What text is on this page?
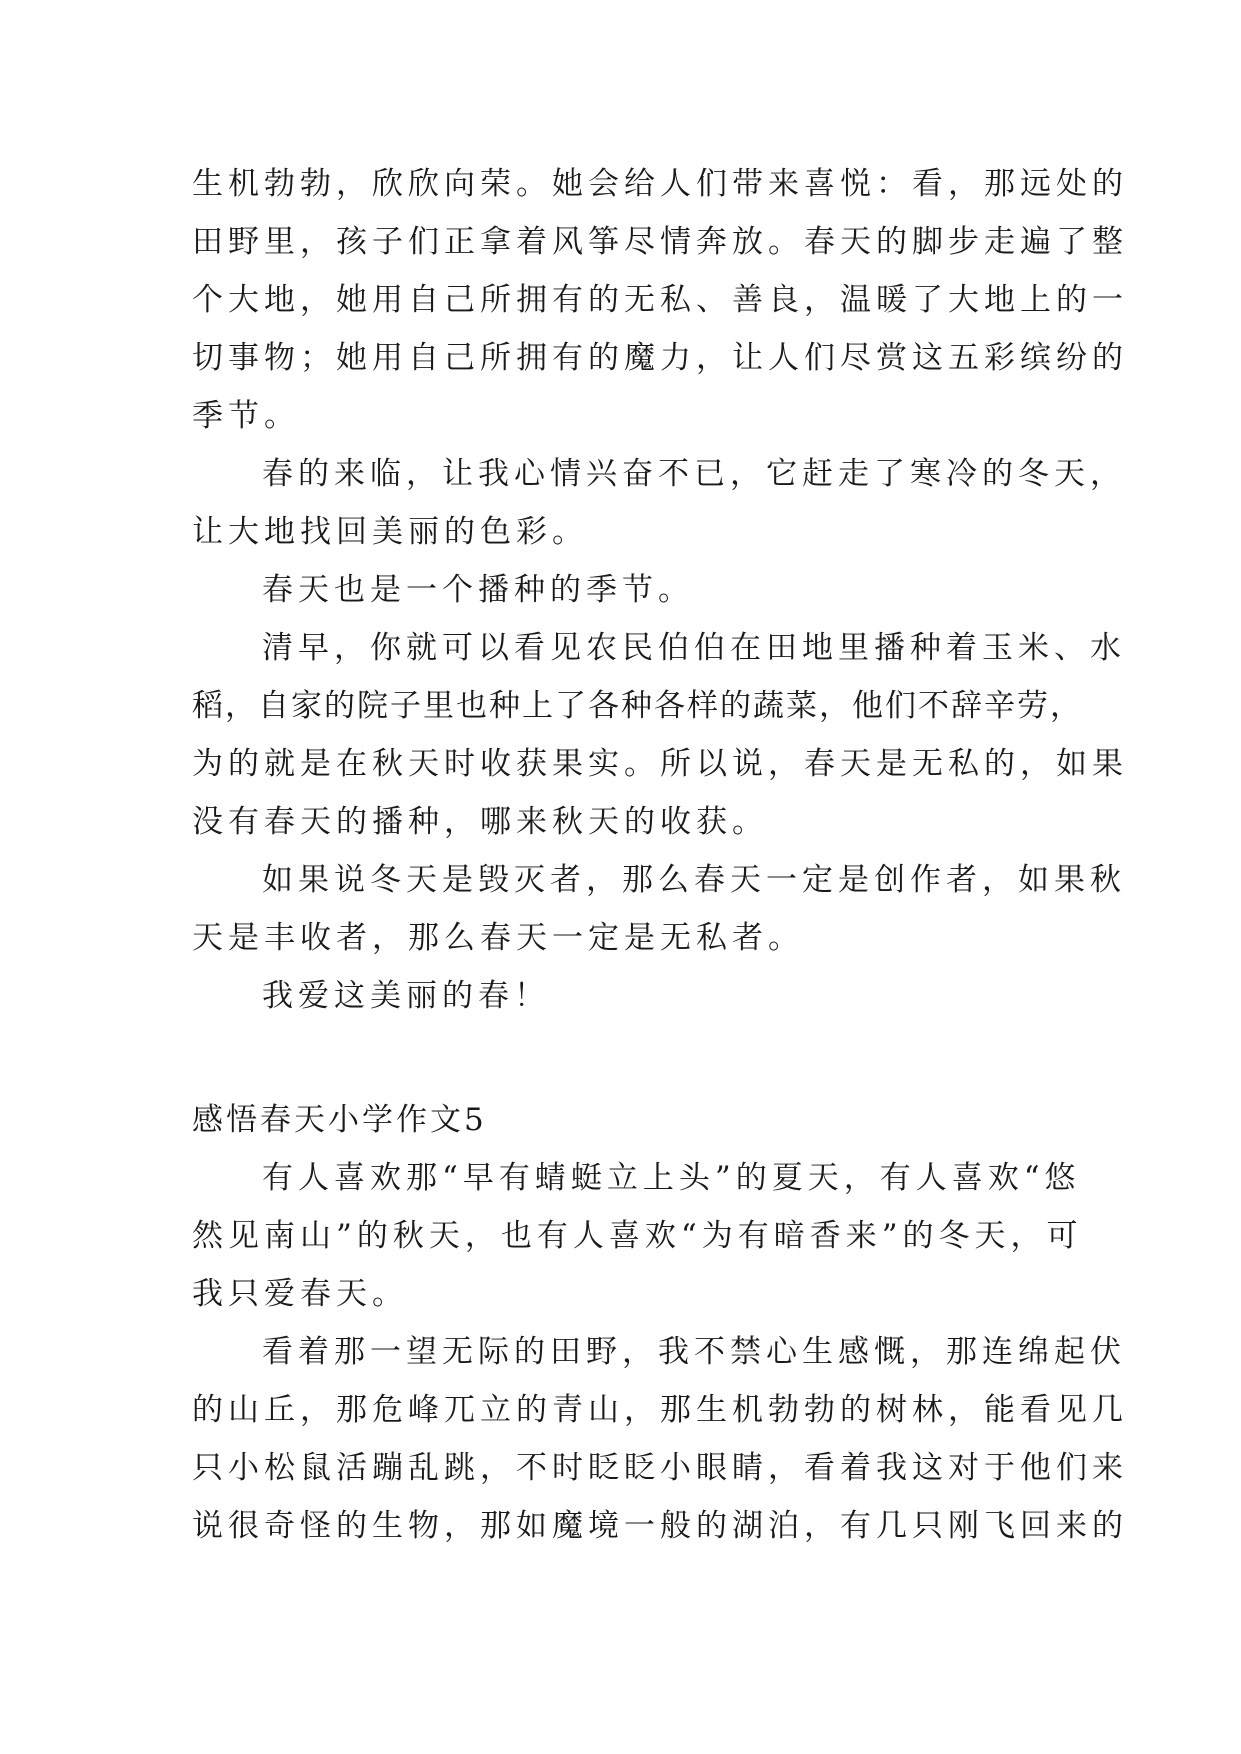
生机勃勃，欣欣向荣。她会给人们带来喜悦：看，那远处的
田野里，孩子们正拿着风筝尽情奔放。春天的脚步走遍了整
个大地，她用自己所拥有的无私、善良，温暖了大地上的一
切事物；她用自己所拥有的魔力，让人们尽赏这五彩缤纷的
季节。
春的来临，让我心情兴奋不已，它赶走了寒冷的冬天，
让大地找回美丽的色彩。
春天也是一个播种的季节。
清早，你就可以看见农民伯伯在田地里播种着玉米、水
稻，自家的院子里也种上了各种各样的蔬菜，他们不辞辛劳，
为的就是在秋天时收获果实。所以说，春天是无私的，如果
没有春天的播种，哪来秋天的收获。
如果说冬天是毁灭者，那么春天一定是创作者，如果秋
天是丰收者，那么春天一定是无私者。
我爱这美丽的春！
感悟春天小学作文5
有人喜欢那“早有蜻蜓立上头”的夏天，有人喜欢“悠
然见南山”的秋天，也有人喜欢“为有暗香来”的冬天，可
我只爱春天。
看着那一望无际的田野，我不禁心生感慨，那连绵起伏
的山丘，那危峰兀立的青山，那生机勃勃的树林，能看见几
只小松鼠活蹦乱跳，不时眨眨小眼睛，看着我这对于他们来
说很奇怪的生物，那如魔境一般的湖泊，有几只刚飞回来的
